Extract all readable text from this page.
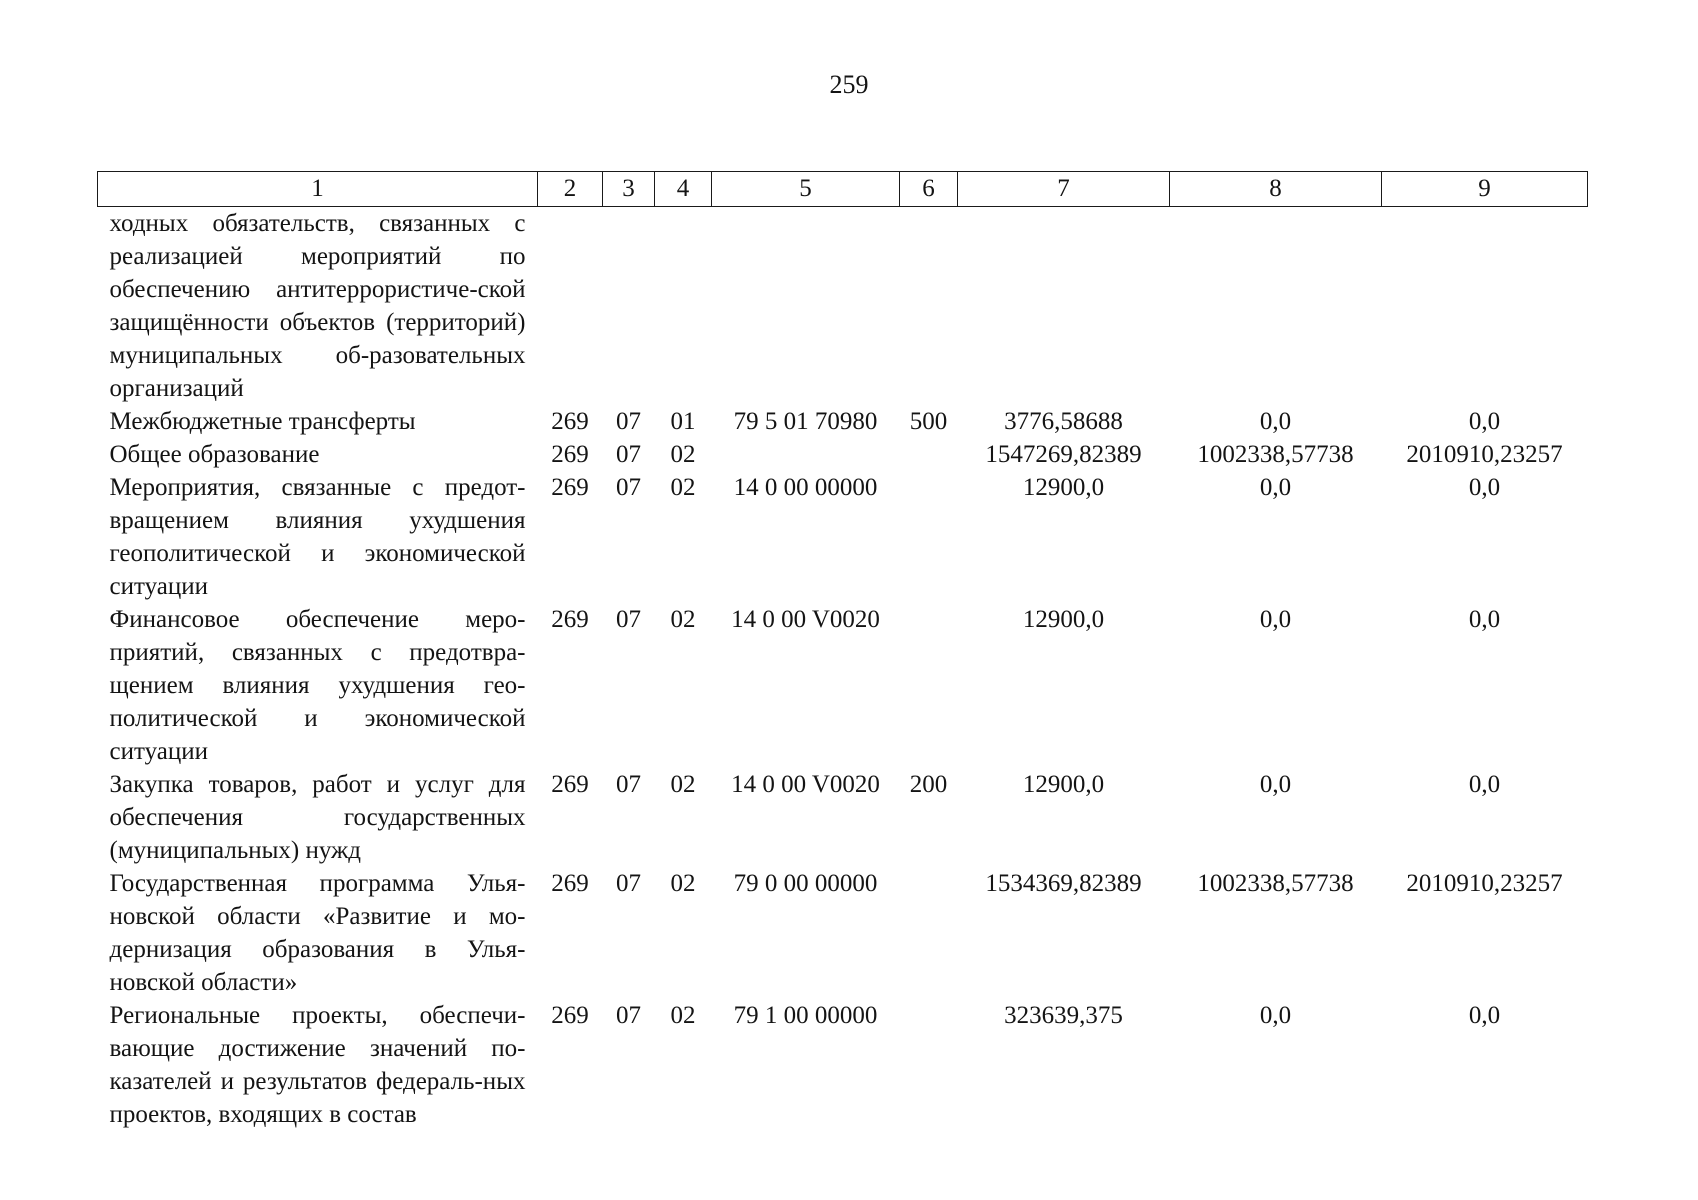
259
1	2	3	4	5	6	7	8	9
ходных обязательств, связанных с реализацией мероприятий по обеспечению антитеррористиче-ской защищённости объектов (территорий) муниципальных об-разовательных организаций								
Межбюджетные трансферты	269	07	01	79 5 01 70980	500	3776,58688	0,0	0,0
Общее образование	269	07	02			1547269,82389	1002338,57738	2010910,23257
Мероприятия, связанные с предот-вращением влияния ухудшения геополитической и экономической ситуации	269	07	02	14 0 00 00000		12900,0	0,0	0,0
Финансовое обеспечение меро-приятий, связанных с предотвра-щением влияния ухудшения гео-политической и экономической ситуации	269	07	02	14 0 00 V0020		12900,0	0,0	0,0
Закупка товаров, работ и услуг для обеспечения государственных (муниципальных) нужд	269	07	02	14 0 00 V0020	200	12900,0	0,0	0,0
Государственная программа Улья-новской области «Развитие и мо-дернизация образования в Улья-новской области»	269	07	02	79 0 00 00000		1534369,82389	1002338,57738	2010910,23257
Региональные проекты, обеспечи-вающие достижение значений по-казателей и результатов федераль-ных проектов, входящих в состав	269	07	02	79 1 00 00000		323639,375	0,0	0,0
